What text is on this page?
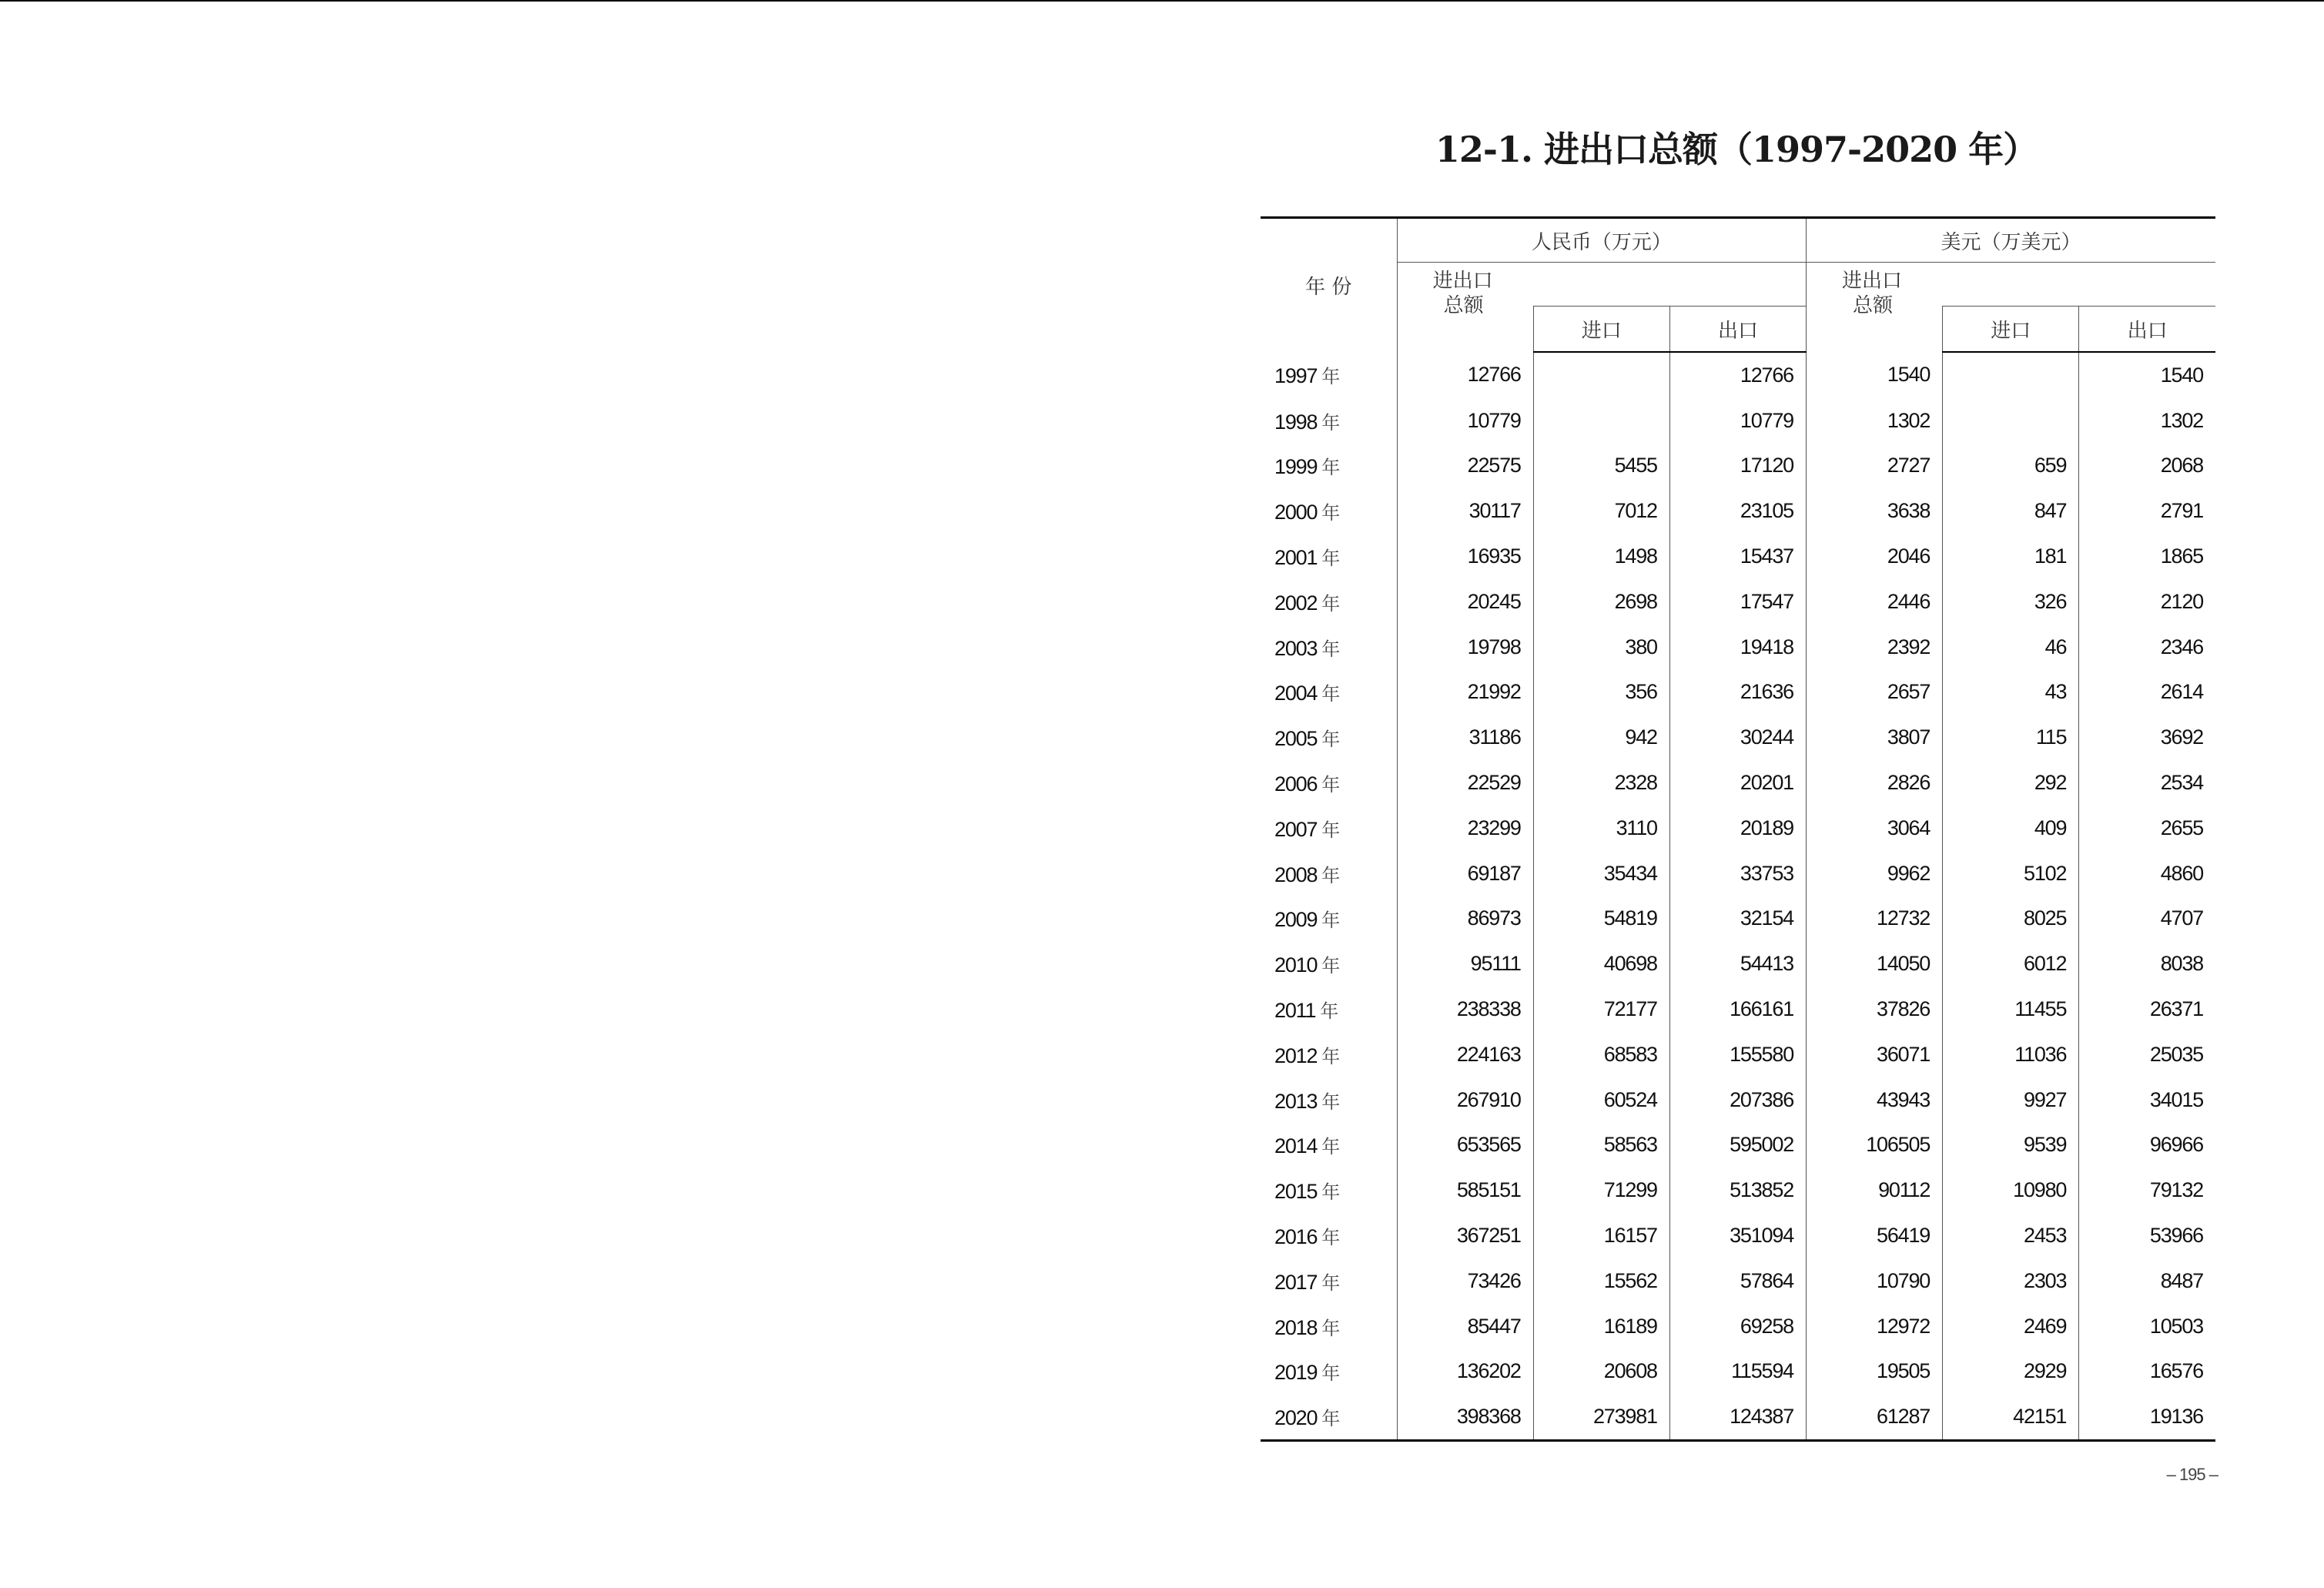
12-1. 进出口总额（1997-2020 年）
年 份	人民币（万元）			美元（万美元）		

	进出口
总额			进出口
总额		

		进口	出口		进口	出口
1997 年	12766		12766	1540		1540
1998 年	10779		10779	1302		1302
1999 年	22575	5455	17120	2727	659	2068
2000 年	30117	7012	23105	3638	847	2791
2001 年	16935	1498	15437	2046	181	1865
2002 年	20245	2698	17547	2446	326	2120
2003 年	19798	380	19418	2392	46	2346
2004 年	21992	356	21636	2657	43	2614
2005 年	31186	942	30244	3807	115	3692
2006 年	22529	2328	20201	2826	292	2534
2007 年	23299	3110	20189	3064	409	2655
2008 年	69187	35434	33753	9962	5102	4860
2009 年	86973	54819	32154	12732	8025	4707
2010 年	95111	40698	54413	14050	6012	8038
2011 年	238338	72177	166161	37826	11455	26371
2012 年	224163	68583	155580	36071	11036	25035
2013 年	267910	60524	207386	43943	9927	34015
2014 年	653565	58563	595002	106505	9539	96966
2015 年	585151	71299	513852	90112	10980	79132
2016 年	367251	16157	351094	56419	2453	53966
2017 年	73426	15562	57864	10790	2303	8487
2018 年	85447	16189	69258	12972	2469	10503
2019 年	136202	20608	115594	19505	2929	16576
2020 年	398368	273981	124387	61287	42151	19136
– 195 –
